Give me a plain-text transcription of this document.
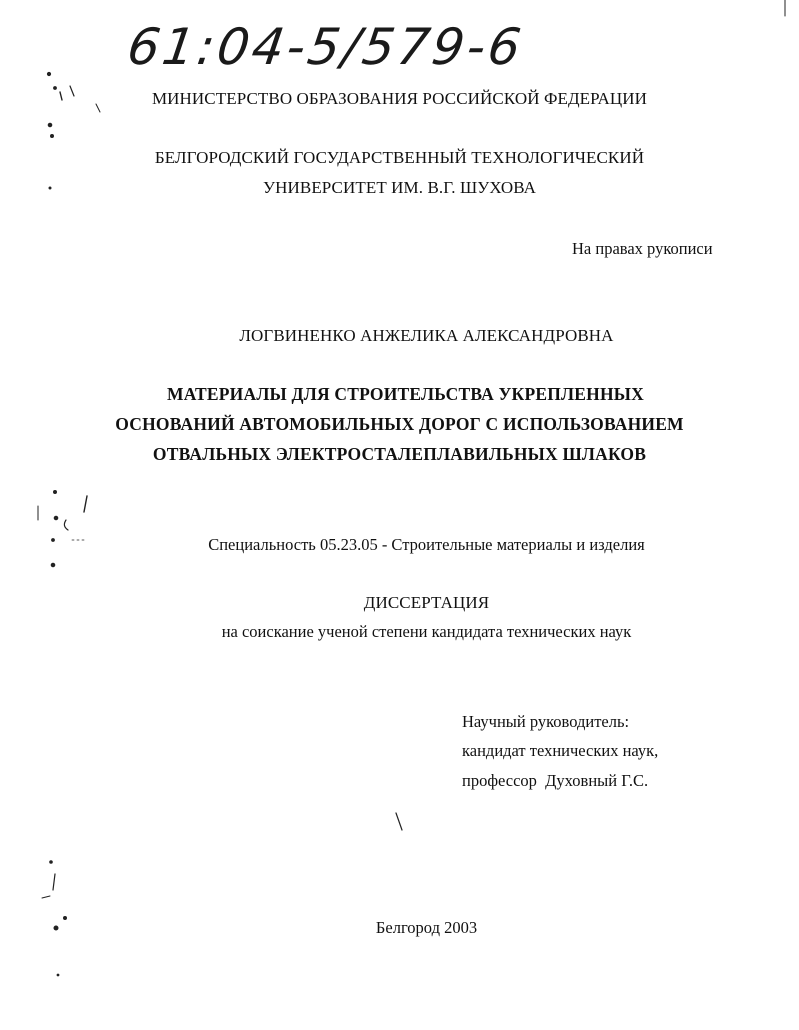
61:04-5/579-6
МИНИСТЕРСТВО ОБРАЗОВАНИЯ РОССИЙСКОЙ ФЕДЕРАЦИИ
БЕЛГОРОДСКИЙ ГОСУДАРСТВЕННЫЙ ТЕХНОЛОГИЧЕСКИЙ
УНИВЕРСИТЕТ ИМ. В.Г. ШУХОВА
На правах рукописи
ЛОГВИНЕНКО АНЖЕЛИКА АЛЕКСАНДРОВНА
МАТЕРИАЛЫ ДЛЯ СТРОИТЕЛЬСТВА УКРЕПЛЕННЫХ
ОСНОВАНИЙ АВТОМОБИЛЬНЫХ ДОРОГ С ИСПОЛЬЗОВАНИЕМ
ОТВАЛЬНЫХ ЭЛЕКТРОСТАЛЕПЛАВИЛЬНЫХ ШЛАКОВ
Специальность 05.23.05 - Строительные материалы и изделия
ДИССЕРТАЦИЯ
на соискание ученой степени кандидата технических наук
Научный руководитель:
кандидат технических наук,
профессор  Духовный Г.С.
Белгород 2003
